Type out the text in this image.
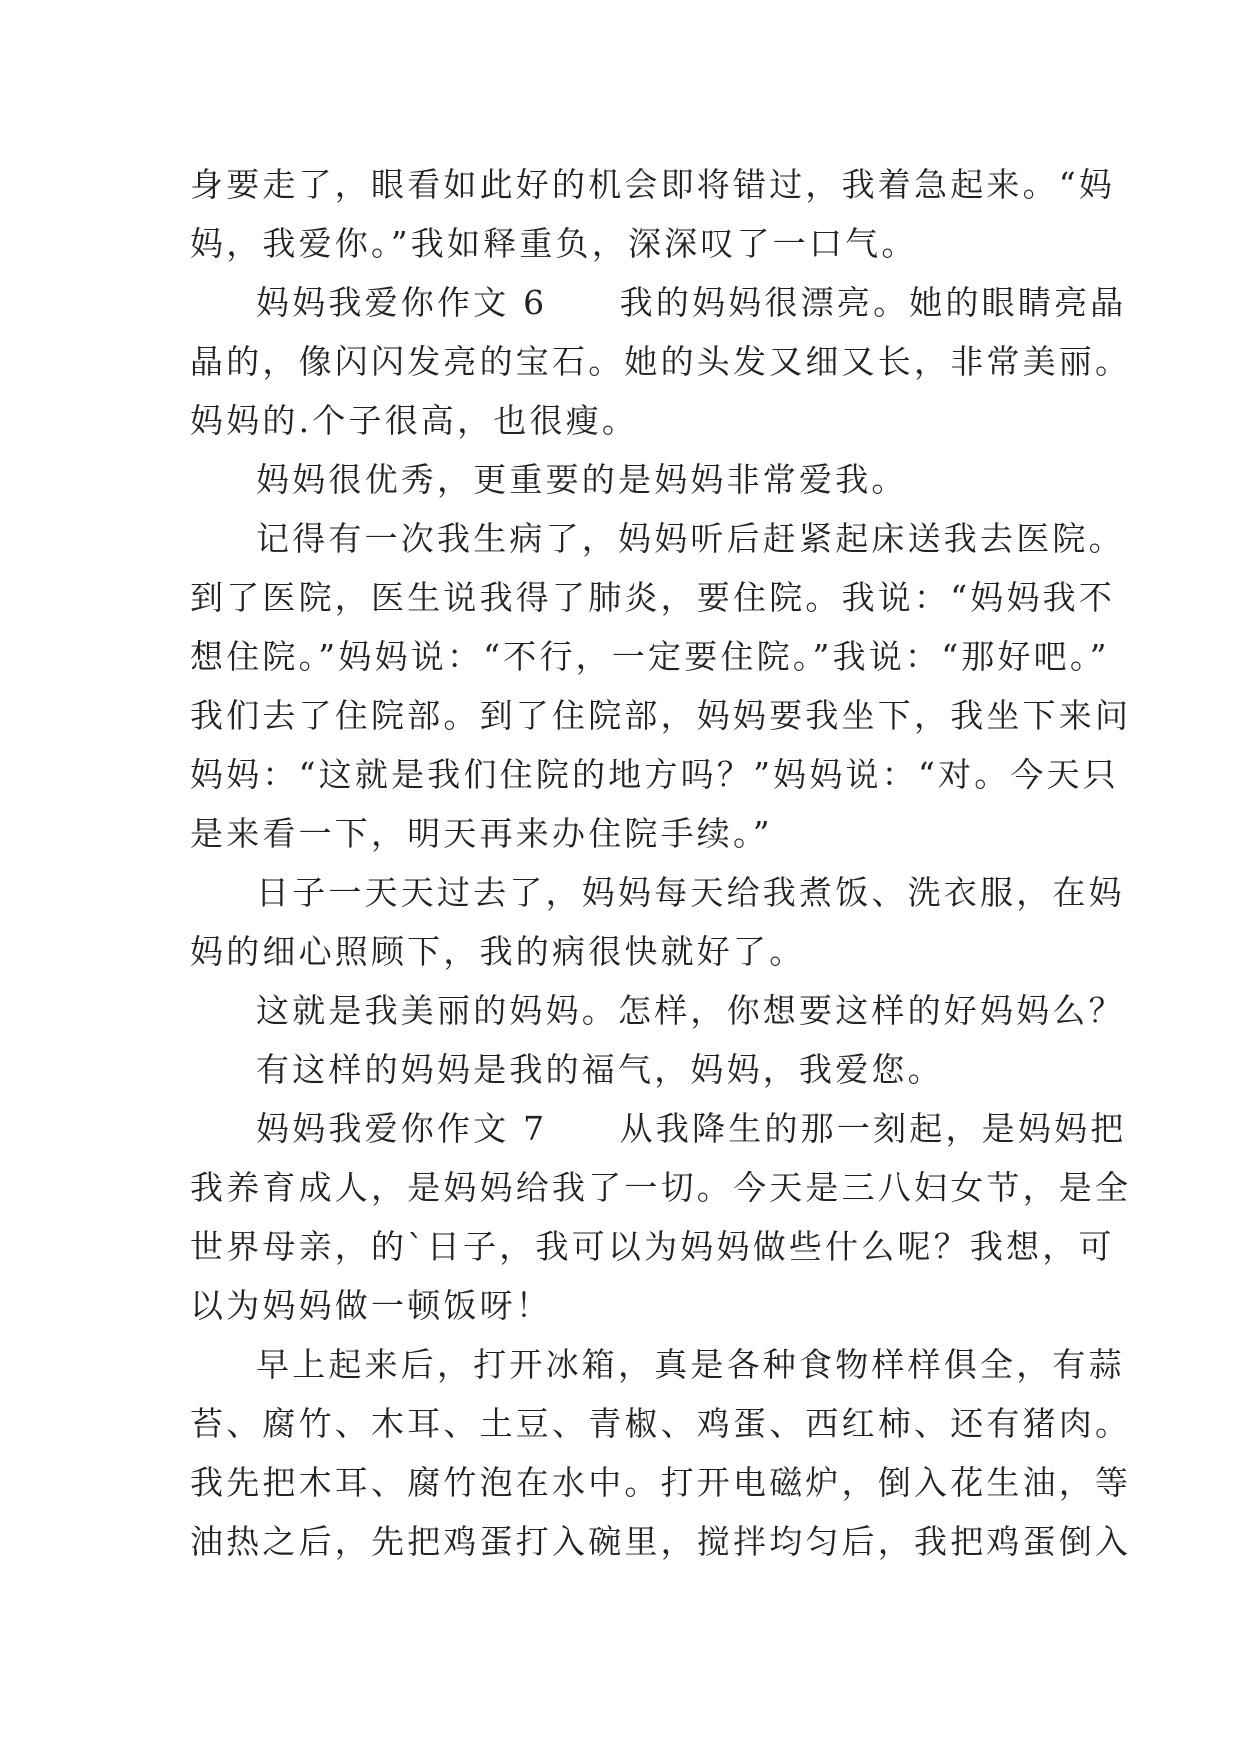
身要走了，眼看如此好的机会即将错过，我着急起来。“妈
妈，我爱你。”我如释重负，深深叹了一口气。
妈妈我爱你作文 6　　我的妈妈很漂亮。她的眼睛亮晶
晶的，像闪闪发亮的宝石。她的头发又细又长，非常美丽。
妈妈的.个子很高，也很瘦。
妈妈很优秀，更重要的是妈妈非常爱我。
记得有一次我生病了，妈妈听后赶紧起床送我去医院。
到了医院，医生说我得了肺炎，要住院。我说：“妈妈我不
想住院。”妈妈说：“不行，一定要住院。”我说：“那好吧。”
我们去了住院部。到了住院部，妈妈要我坐下，我坐下来问
妈妈：“这就是我们住院的地方吗？”妈妈说：“对。今天只
是来看一下，明天再来办住院手续。”
日子一天天过去了，妈妈每天给我煮饭、洗衣服，在妈
妈的细心照顾下，我的病很快就好了。
这就是我美丽的妈妈。怎样，你想要这样的好妈妈么？
有这样的妈妈是我的福气，妈妈，我爱您。
妈妈我爱你作文 7　　从我降生的那一刻起，是妈妈把
我养育成人，是妈妈给我了一切。今天是三八妇女节，是全
世界母亲，的`日子，我可以为妈妈做些什么呢？我想，可
以为妈妈做一顿饭呀！
早上起来后，打开冰箱，真是各种食物样样俱全，有蒜
苔、腐竹、木耳、土豆、青椒、鸡蛋、西红柿、还有猪肉。
我先把木耳、腐竹泡在水中。打开电磁炉，倒入花生油，等
油热之后，先把鸡蛋打入碗里，搅拌均匀后，我把鸡蛋倒入
